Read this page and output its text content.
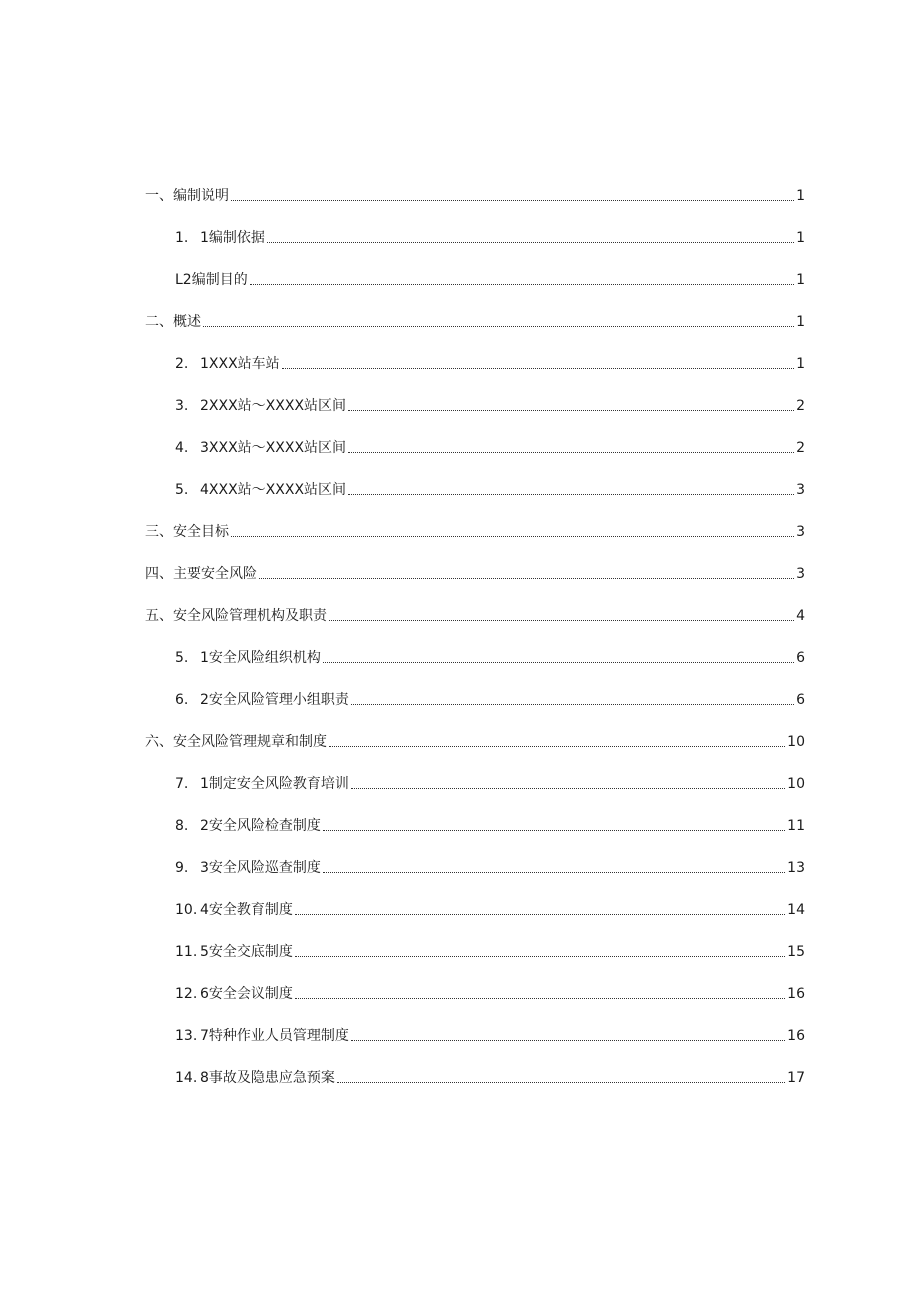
一、 编制说明	1
1. 1编制依据	1
L2编制目的	1
二、 概述	1
2. 1XXX站车站	1
3. 2XXX站〜XXXX站区间	2
4. 3XXX站〜XXXX站区间	2
5. 4XXX站〜XXXX站区间	3
三、 安全目标	3
四、 主要安全风险	3
五、 安全风险管理机构及职责	4
5. 1安全风险组织机构	6
6. 2安全风险管理小组职责	6
六、 安全风险管理规章和制度	10
7. 1制定安全风险教育培训	10
8. 2安全风险检查制度	11
9. 3安全风险巡查制度	13
10. 4安全教育制度	14
11. 5安全交底制度	15
12. 6安全会议制度	16
13. 7特种作业人员管理制度	16
14. 8事故及隐患应急预案	17
